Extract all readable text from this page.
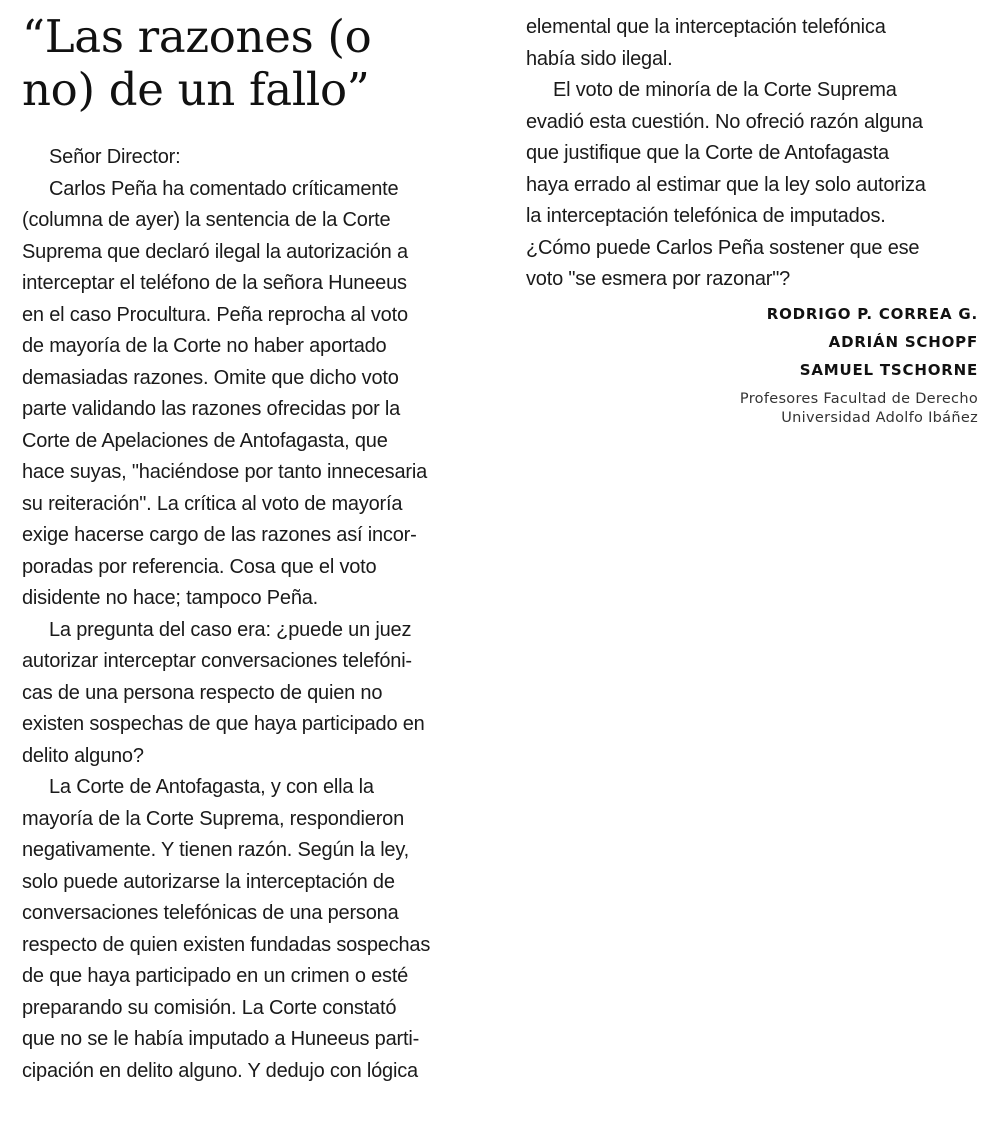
“Las razones (o
no) de un fallo”
Señor Director:
Carlos Peña ha comentado críticamente
(columna de ayer) la sentencia de la Corte
Suprema que declaró ilegal la autorización a
interceptar el teléfono de la señora Huneeus
en el caso Procultura. Peña reprocha al voto
de mayoría de la Corte no haber aportado
demasiadas razones. Omite que dicho voto
parte validando las razones ofrecidas por la
Corte de Apelaciones de Antofagasta, que
hace suyas, "haciéndose por tanto innecesaria
su reiteración". La crítica al voto de mayoría
exige hacerse cargo de las razones así incor-
poradas por referencia. Cosa que el voto
disidente no hace; tampoco Peña.
La pregunta del caso era: ¿puede un juez
autorizar interceptar conversaciones telefóni-
cas de una persona respecto de quien no
existen sospechas de que haya participado en
delito alguno?
La Corte de Antofagasta, y con ella la
mayoría de la Corte Suprema, respondieron
negativamente. Y tienen razón. Según la ley,
solo puede autorizarse la interceptación de
conversaciones telefónicas de una persona
respecto de quien existen fundadas sospechas
de que haya participado en un crimen o esté
preparando su comisión. La Corte constató
que no se le había imputado a Huneeus parti-
cipación en delito alguno. Y dedujo con lógica
elemental que la interceptación telefónica
había sido ilegal.
El voto de minoría de la Corte Suprema
evadió esta cuestión. No ofreció razón alguna
que justifique que la Corte de Antofagasta
haya errado al estimar que la ley solo autoriza
la interceptación telefónica de imputados.
¿Cómo puede Carlos Peña sostener que ese
voto "se esmera por razonar"?
RODRIGO P. CORREA G.
ADRIÁN SCHOPF
SAMUEL TSCHORNE
Profesores Facultad de Derecho
Universidad Adolfo Ibáñez
